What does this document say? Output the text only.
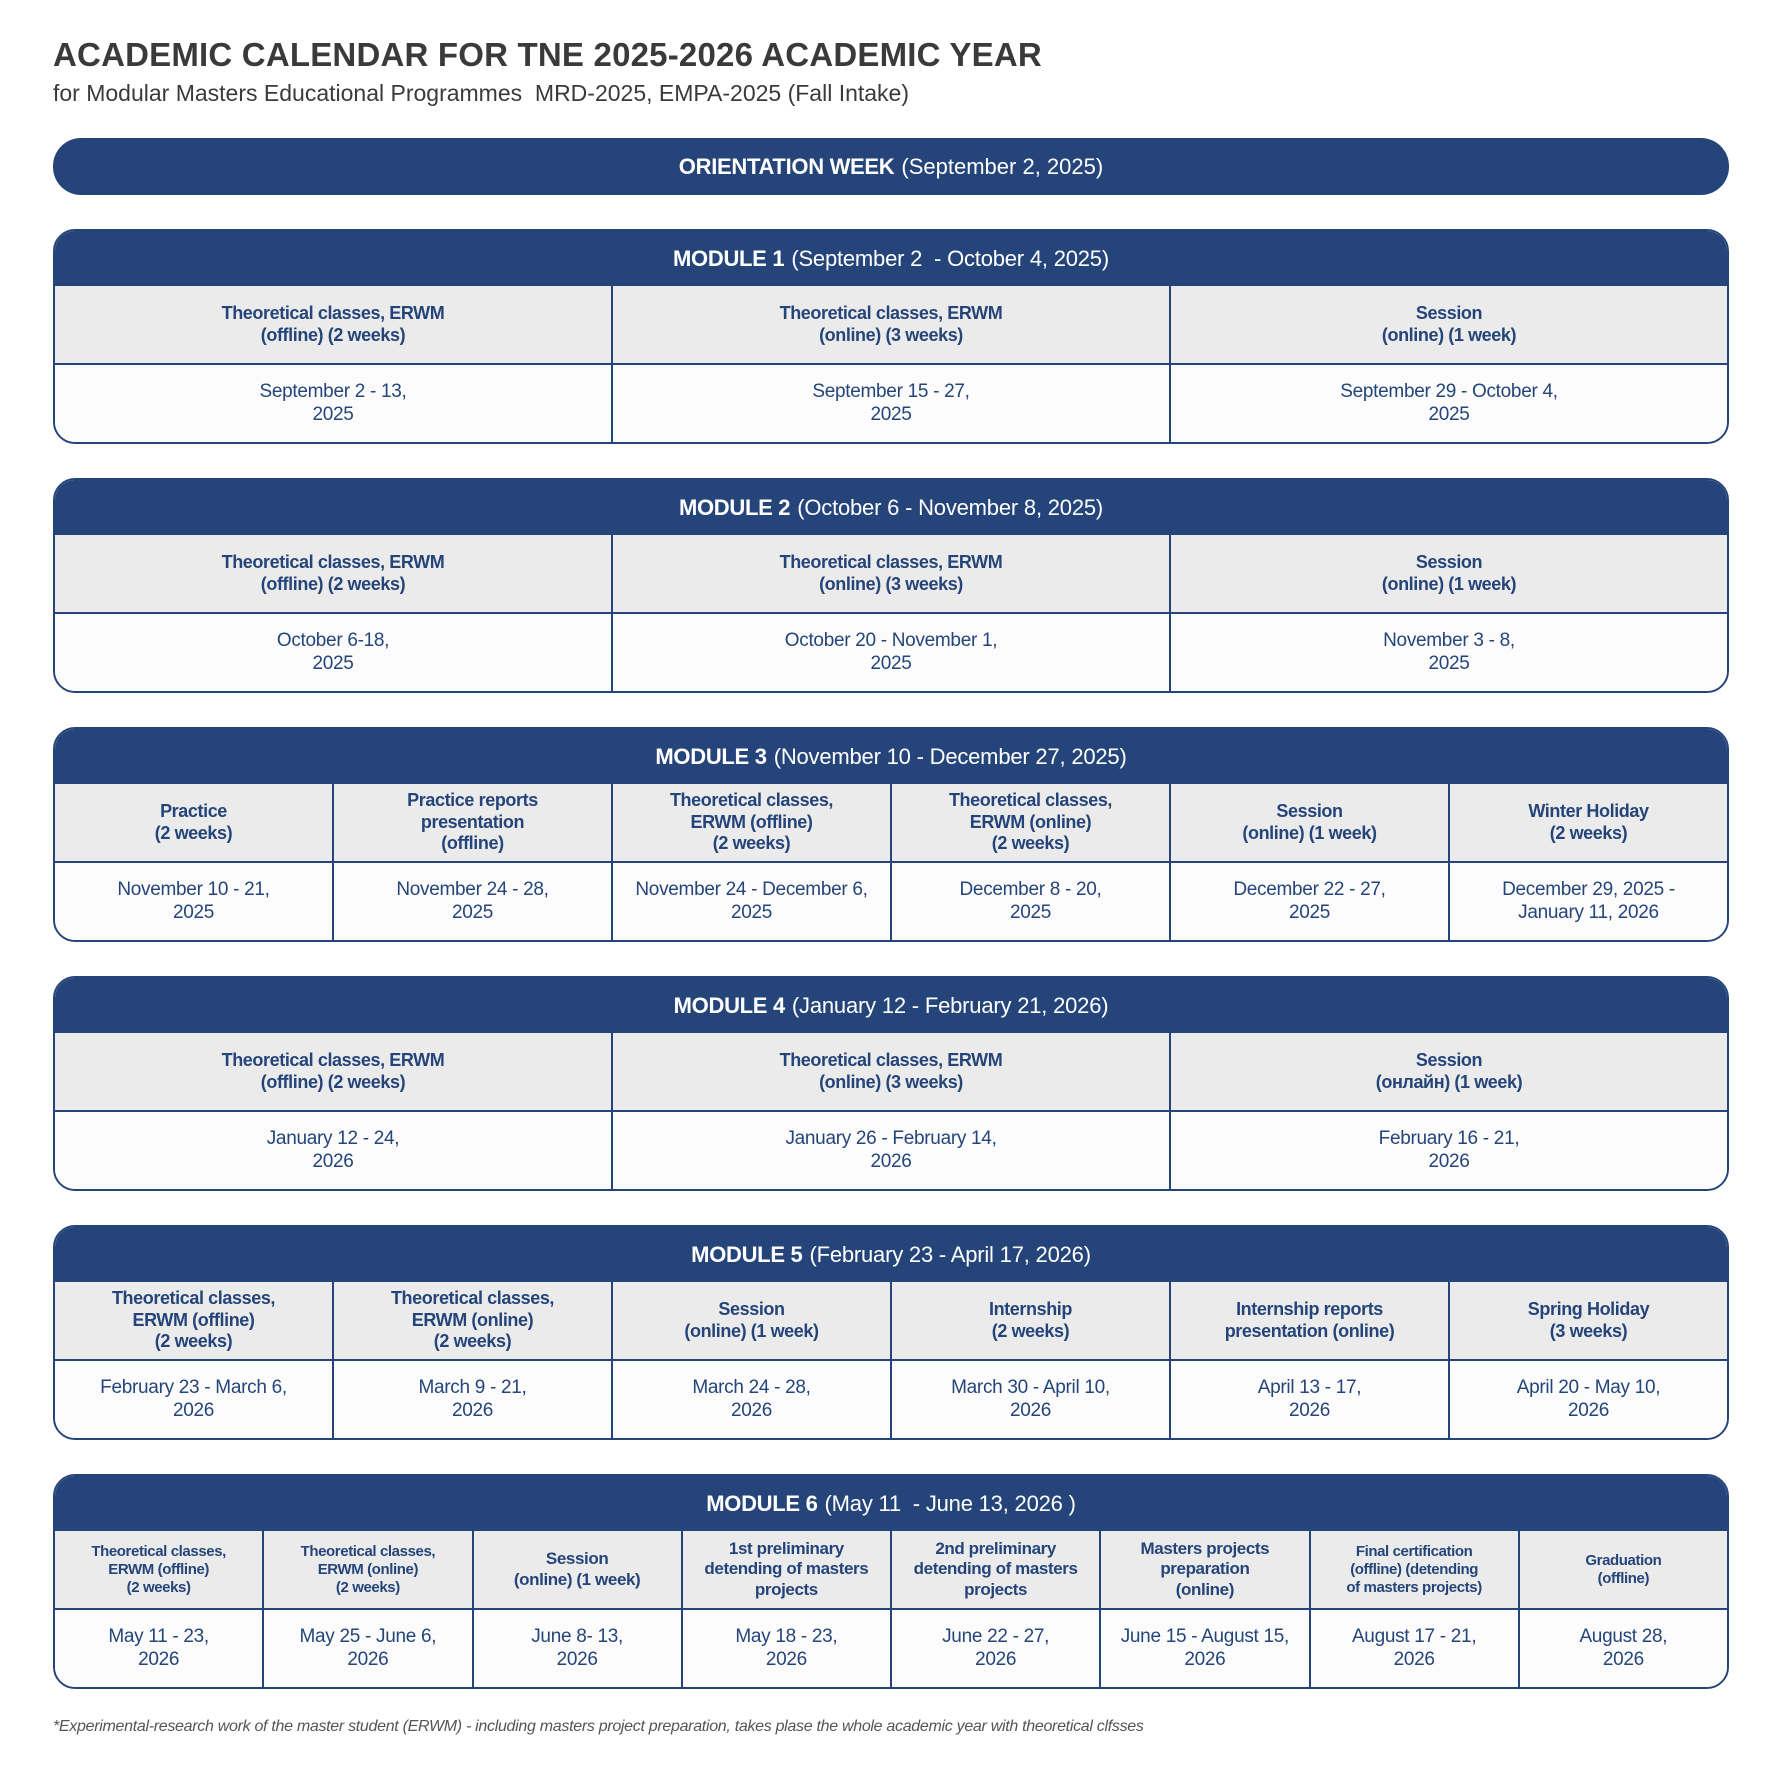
ACADEMIC CALENDAR FOR TNE 2025-2026 ACADEMIC YEAR
for Modular Masters Educational Programmes  MRD-2025, EMPA-2025 (Fall Intake)
ORIENTATION WEEK (September 2, 2025)
MODULE 1 (September 2  - October 4, 2025)
Theoretical classes, ERWM
(offline) (2 weeks)
Theoretical classes, ERWM
(online) (3 weeks)
Session
(online) (1 week)
September 2 - 13,
2025
September 15 - 27,
2025
September 29 - October 4,
2025
MODULE 2 (October 6 - November 8, 2025)
Theoretical classes, ERWM
(offline) (2 weeks)
Theoretical classes, ERWM
(online) (3 weeks)
Session
(online) (1 week)
October 6-18,
2025
October 20 - November 1,
2025
November 3 - 8,
2025
MODULE 3 (November 10 - December 27, 2025)
Practice
(2 weeks)
Practice reports
presentation
(offline)
Theoretical classes,
ERWM (offline)
(2 weeks)
Theoretical classes,
ERWM (online)
(2 weeks)
Session
(online) (1 week)
Winter Holiday
(2 weeks)
November 10 - 21,
2025
November 24 - 28,
2025
November 24 - December 6,
2025
December 8 - 20,
2025
December 22 - 27,
2025
December 29, 2025 -
January 11, 2026
MODULE 4 (January 12 - February 21, 2026)
Theoretical classes, ERWM
(offline) (2 weeks)
Theoretical classes, ERWM
(online) (3 weeks)
Session
(онлайн) (1 week)
January 12 - 24,
2026
January 26 - February 14,
2026
February 16 - 21,
2026
MODULE 5 (February 23 - April 17, 2026)
Theoretical classes,
ERWM (offline)
(2 weeks)
Theoretical classes,
ERWM (online)
(2 weeks)
Session
(online) (1 week)
Internship
(2 weeks)
Internship reports
presentation (online)
Spring Holiday
(3 weeks)
February 23 - March 6,
2026
March 9 - 21,
2026
March 24 - 28,
2026
March 30 - April 10,
2026
April 13 - 17,
2026
April 20 - May 10,
2026
MODULE 6 (May 11  - June 13, 2026 )
Theoretical classes,
ERWM (offline)
(2 weeks)
Theoretical classes,
ERWM (online)
(2 weeks)
Session
(online) (1 week)
1st preliminary
detending of masters
projects
2nd preliminary
detending of masters
projects
Masters projects
preparation
(online)
Final certification
(offline) (detending
of masters projects)
Graduation
(offline)
May 11 - 23,
2026
May 25 - June 6,
2026
June 8- 13,
2026
May 18 - 23,
2026
June 22 - 27,
2026
June 15 - August 15,
2026
August 17 - 21,
2026
August 28,
2026
*Experimental-research work of the master student (ERWM) - including masters project preparation, takes plase the whole academic year with theoretical clfsses
